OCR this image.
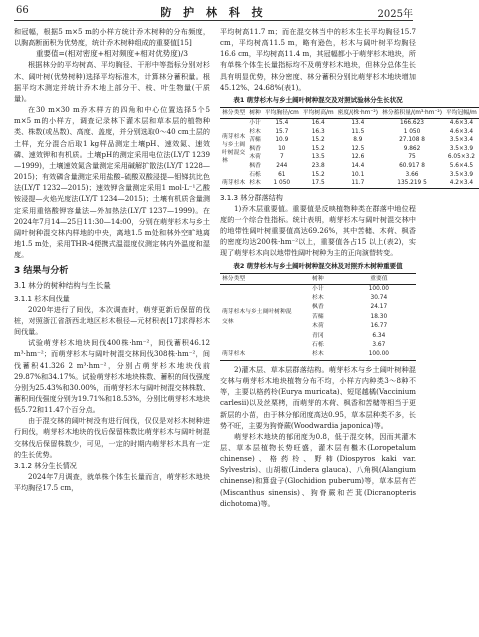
66	防 护 林 科 技	2025年

和冠幅，根据5 m×5 m的小样方统计乔木树种的分布频度，以胸高断面积为优势度，统计乔木树种组成的重要值[15]

重要值=(相对密度+相对频度+相对优势度)/3

根据林分的平均树高、平均胸径、干形中等指标分别对杉木、阔叶树(优势树种)选择平均标准木，计算林分蓄积量。根据平均木测定并统计乔木地上部分干、枝、叶生物量(干质量)。

在30 m×30 m乔木样方的四角和中心位置选择5个5 m×5 m的小样方，调查记录林下灌木层和草本层的植物种类、株数(或丛数)、高度、盖度，并分别选取0～40 cm土层的土样，充分混合后取1 kg样品测定土壤pH、速效氮、速效磷、速效钾和有机质。土壤pH的测定采用电位法(LY/T 1239—1999)，土壤速效氮含量测定采用碱解扩散法(LY/T 1228—2015)；有效磷含量测定采用盐酸–硫酸双酸浸提—钼锑抗比色法(LY/T 1232—2015)；速效钾含量测定采用1 mol·L⁻¹乙酸铵浸提—火焰光度法(LY/T 1234—2015)；土壤有机质含量测定采用重铬酸钾容量法—外加热法(LY/T 1237—1999)。在2024年7月14—25日11:30—14:00，分别在萌芽杉木与乡土阔叶树种混交林内样地的中央，离地1.5 m处和林外空旷地离地1.5 m处，采用THR-4便携式温湿度仪测定林内外温度和湿度。

3 结果与分析
3.1 林分的树种结构与生长量
3.1.1 杉木间伐量

2020年进行了间伐，本次调查时，萌芽更新后保留的伐桩，对照浙江省浙西北地区杉木根径—元材积表[17]求得杉木间伐量。

试验萌芽杉木地块间伐400株·hm⁻²，间伐蓄积46.12 m³·hm⁻²；而萌芽杉木与阔叶树混交林间伐308株·hm⁻²，间伐蓄积41.326 2 m³·hm⁻²，分别占萌芽杉木地块伐前29.87%和34.17%。试验萌芽杉木地块株数、蓄积的间伐强度分别为25.43%和30.00%，而萌芽杉木与阔叶树混交林株数、蓄积间伐强度分别为19.71%和18.53%，分别比萌芽杉木地块低5.72和11.47个百分点。

由于混交林的阔叶树没有进行间伐，仅仅是对杉木树种进行间伐，萌芽杉木地块的伐后保留株数比萌芽杉木与阔叶树混交林伐后保留株数少，可见，一定的时期内萌芽杉木具有一定的生长优势。

3.1.2 林分生长情况

2024年7月调查，就单株个体生长量而言，萌芽杉木地块平均胸径17.5 cm，

平均树高11.7 m；而在混交林当中的杉木生长平均胸径15.7 cm，平均树高11.5 m，略有逊色，杉木与阔叶树平均胸径16.6 cm，平均树高11.4 m，其冠幅都小于萌芽杉木地块，所有单株个体生长量指标均不及萌芽杉木地块，但林分总体生长具有明显优势，林分密度、林分蓄积分别比萌芽杉木地块增加45.12%、24.68%(表1)。

表1 萌芽杉木与乡土阔叶树种混交及对照试验林分生长状况
林分类型	树种	平均胸径/cm	平均树高/m	密度/(株·hm⁻²)	林分蓄积量/(m³·hm⁻²)	平均冠幅/m
萌芽杉木与乡土阔叶树混交林	小计	15.4	16.4	13.4	166.623	4.6×3.4
	杉木	15.7	16.3	11.5	1 050	4.6×3.4
	苦槠	10.9	15.2	8.9	27.108 8	3.5×3.4
	枫香	10	15.2	12.5	9.862	3.5×3.9
	木荷	7	13.5	12.6	75	6.05×3.2
	枫香	244	23.8	14.4	60.917 8	5.6×4.5
	石栎	61	15.2	10.1	3.66	3.5×3.9
萌芽杉木	杉木	1 050	17.5	11.7	135.219 5	4.2×3.4
3.1.3 林分群落结构

1)乔木层重要值。重要值是反映植物种类在群落中地位程度的一个综合性指标。统计表明，萌芽杉木与阔叶树混交林中的地带性阔叶树重要值高达69.26%，其中苦槠、木荷、枫香的密度均达200株·hm⁻²以上，重要值各占15 以上(表2)，实现了萌芽杉木向以地带性阔叶树种为主的正向演替转变。

表2 萌芽杉木与乡土阔叶树种混交林及对照乔木树种重要值
林分类型	树种	重要值
萌芽杉木与乡土阔叶树种混交林	小计	100.00
	杉木	30.74
	枫香	24.17
	苦槠	18.30
	木荷	16.77
	青冈	6.34
	石栎	3.67
萌芽杉木	杉木	100.00

2)灌木层、草本层群落结构。萌芽杉木与乡土阔叶树种混交林与萌芽杉木地块植物分布不均，小样方内种类3～8种不等，主要以格药柃(Eurya muricata)、短尾越橘(Vaccinium carlesii)以及丝栗栲，而萌芽的木荷、枫香和苦槠等相当于更新层的小苗，由于林分郁闭度高达0.95，草本层种类不多，长势不旺，主要为狗脊蕨(Woodwardia japonica)等。

萌芽杉木地块的郁闭度为0.8，低于混交林，因而其灌木层、草本层植物长势旺盛，灌木层有檵木(Loropetalum chinense)、格药柃、野柿(Diospyros kaki var. Sylvestris)、山胡椒(Lindera glauca)、八角枫(Alangium chinense)和算盘子(Glochidion puberum)等，草本层有芒(Miscanthus sinensis)、狗脊蕨和芒萁(Dicranopteris dichotoma)等。
